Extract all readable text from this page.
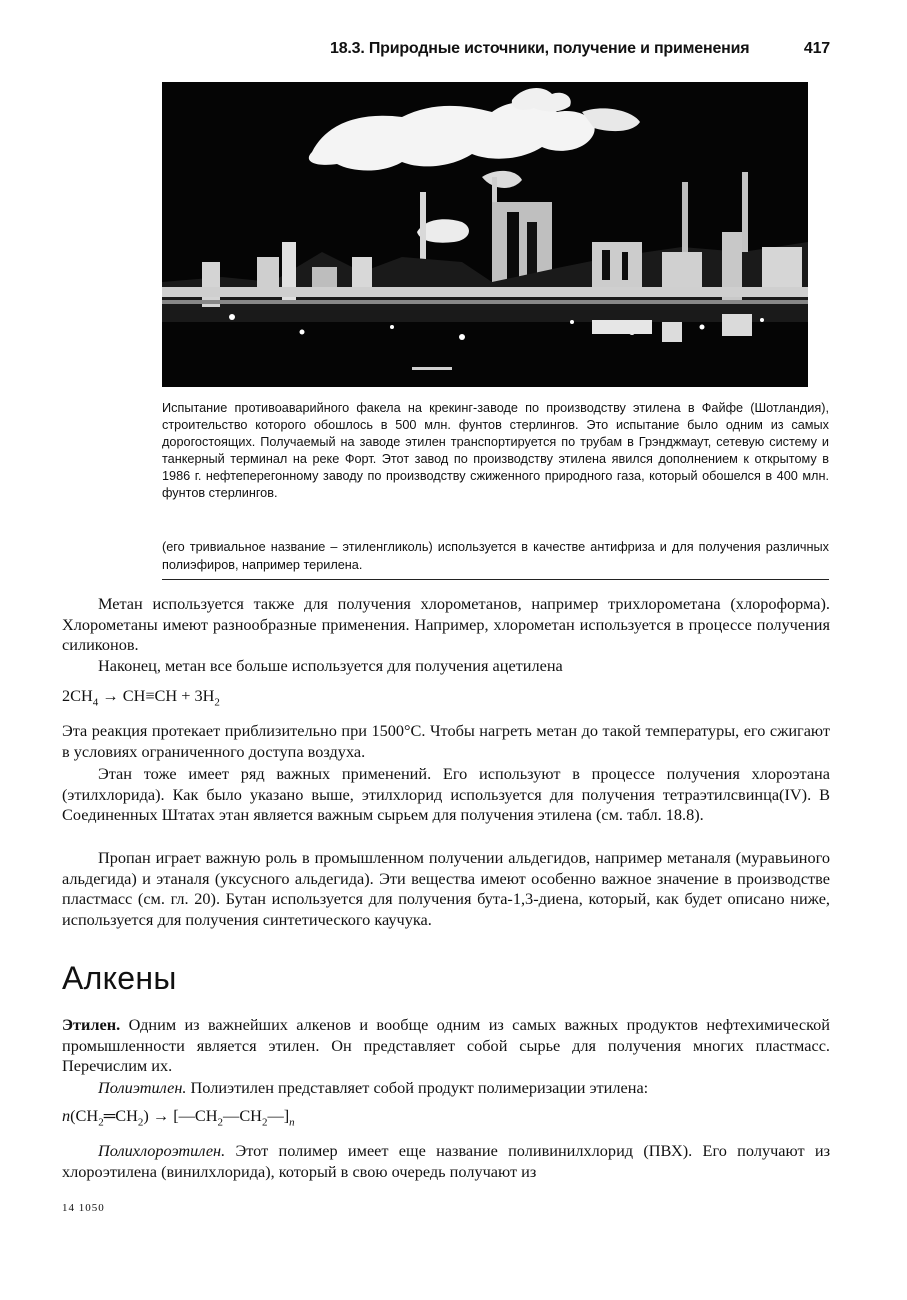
18.3. Природные источники, получение и применения	417

Испытание противоаварийного факела на крекинг-заводе по производству этилена в Файфе (Шотландия), строительство которого обошлось в 500 млн. фунтов стерлингов. Это испытание было одним из самых дорогостоящих. Получаемый на заводе этилен транспортируется по трубам в Грэнджмаут, сетевую систему и танкерный терминал на реке Форт. Этот завод по производству этилена явился дополнением к открытому в 1986 г. нефтеперегонному заводу по производству сжиженного природного газа, который обошелся в 400 млн. фунтов стерлингов.

(его тривиальное название – этиленгликоль) используется в качестве антифриза и для получения различных полиэфиров, например терилена.

Метан используется также для получения хлорометанов, например трихлорометана (хлороформа). Хлорометаны имеют разнообразные применения. Например, хлорометан используется в процессе получения силиконов.

Наконец, метан все больше используется для получения ацетилена

$2CH_4 \to CH\equiv CH + 3H_2$

Эта реакция протекает приблизительно при 1500°С. Чтобы нагреть метан до такой температуры, его сжигают в условиях ограниченного доступа воздуха.

Этан тоже имеет ряд важных применений. Его используют в процессе получения хлороэтана (этилхлорида). Как было указано выше, этилхлорид используется для получения тетраэтилсвинца(IV). В Соединенных Штатах этан является важным сырьем для получения этилена (см. табл. 18.8).

Пропан играет важную роль в промышленном получении альдегидов, например метаналя (муравьиного альдегида) и этаналя (уксусного альдегида). Эти вещества имеют особенно важное значение в производстве пластмасс (см. гл. 20). Бутан используется для получения бута-1,3-диена, который, как будет описано ниже, используется для получения синтетического каучука.

Алкены

Этилен. Одним из важнейших алкенов и вообще одним из самых важных продуктов нефтехимической промышленности является этилен. Он представляет собой сырье для получения многих пластмасс. Перечислим их.

Полиэтилен. Полиэтилен представляет собой продукт полимеризации этилена:

$n(CH_2═CH_2)$ → $[—CH_2—CH_2—]_n$

Полихлороэтилен. Этот полимер имеет еще название поливинилхлорид (ПВХ). Его получают из хлороэтилена (винилхлорида), который в свою очередь получают из

14 1050
